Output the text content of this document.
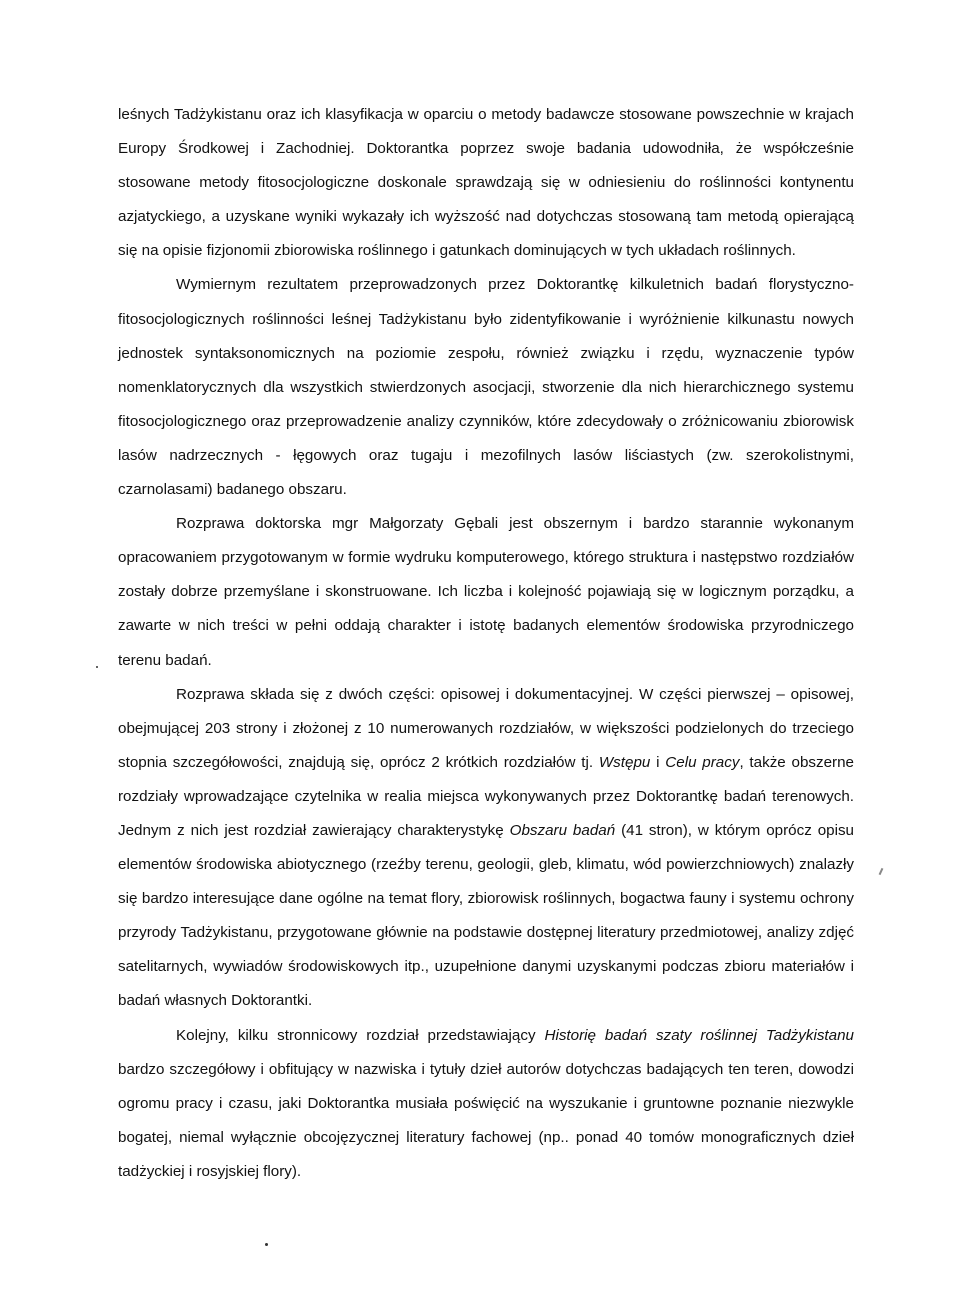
leśnych Tadżykistanu oraz ich klasyfikacja w oparciu o metody badawcze stosowane powszechnie w krajach Europy Środkowej i Zachodniej. Doktorantka poprzez swoje badania udowodniła, że współcześnie stosowane metody fitosocjologiczne doskonale sprawdzają się w odniesieniu do roślinności kontynentu azjatyckiego, a uzyskane wyniki wykazały ich wyższość nad dotychczas stosowaną tam metodą opierającą się na opisie fizjonomii zbiorowiska roślinnego i gatunkach dominujących w tych układach roślinnych.

Wymiernym rezultatem przeprowadzonych przez Doktorantkę kilkuletnich badań florystyczno-fitosocjologicznych roślinności leśnej Tadżykistanu było zidentyfikowanie i wyróżnienie kilkunastu nowych jednostek syntaksonomicznych na poziomie zespołu, również związku i rzędu, wyznaczenie typów nomenklatorycznych dla wszystkich stwierdzonych asocjacji, stworzenie dla nich hierarchicznego systemu fitosocjologicznego oraz przeprowadzenie analizy czynników, które zdecydowały o zróżnicowaniu zbiorowisk lasów nadrzecznych - łęgowych oraz tugaju i mezofilnych lasów liściastych (zw. szerokolistnymi, czarnolasami) badanego obszaru.

Rozprawa doktorska mgr Małgorzaty Gębali jest obszernym i bardzo starannie wykonanym opracowaniem przygotowanym w formie wydruku komputerowego, którego struktura i następstwo rozdziałów zostały dobrze przemyślane i skonstruowane. Ich liczba i kolejność pojawiają się w logicznym porządku, a zawarte w nich treści w pełni oddają charakter i istotę badanych elementów środowiska przyrodniczego terenu badań.

Rozprawa składa się z dwóch części: opisowej i dokumentacyjnej. W części pierwszej – opisowej, obejmującej 203 strony i złożonej z 10 numerowanych rozdziałów, w większości podzielonych do trzeciego stopnia szczegółowości, znajdują się, oprócz 2 krótkich rozdziałów tj. Wstępu i Celu pracy, także obszerne rozdziały wprowadzające czytelnika w realia miejsca wykonywanych przez Doktorantkę badań terenowych. Jednym z nich jest rozdział zawierający charakterystykę Obszaru badań (41 stron), w którym oprócz opisu elementów środowiska abiotycznego (rzeźby terenu, geologii, gleb, klimatu, wód powierzchniowych) znalazły się bardzo interesujące dane ogólne na temat flory, zbiorowisk roślinnych, bogactwa fauny i systemu ochrony przyrody Tadżykistanu, przygotowane głównie na podstawie dostępnej literatury przedmiotowej, analizy zdjęć satelitarnych, wywiadów środowiskowych itp., uzupełnione danymi uzyskanymi podczas zbioru materiałów i badań własnych Doktorantki.

Kolejny, kilku stronnicowy rozdział przedstawiający Historię badań szaty roślinnej Tadżykistanu bardzo szczegółowy i obfitujący w nazwiska i tytuły dzieł autorów dotychczas badających ten teren, dowodzi ogromu pracy i czasu, jaki Doktorantka musiała poświęcić na wyszukanie i gruntowne poznanie niezwykle bogatej, niemal wyłącznie obcojęzycznej literatury fachowej (np.. ponad 40 tomów monograficznych dzieł tadżyckiej i rosyjskiej flory).
